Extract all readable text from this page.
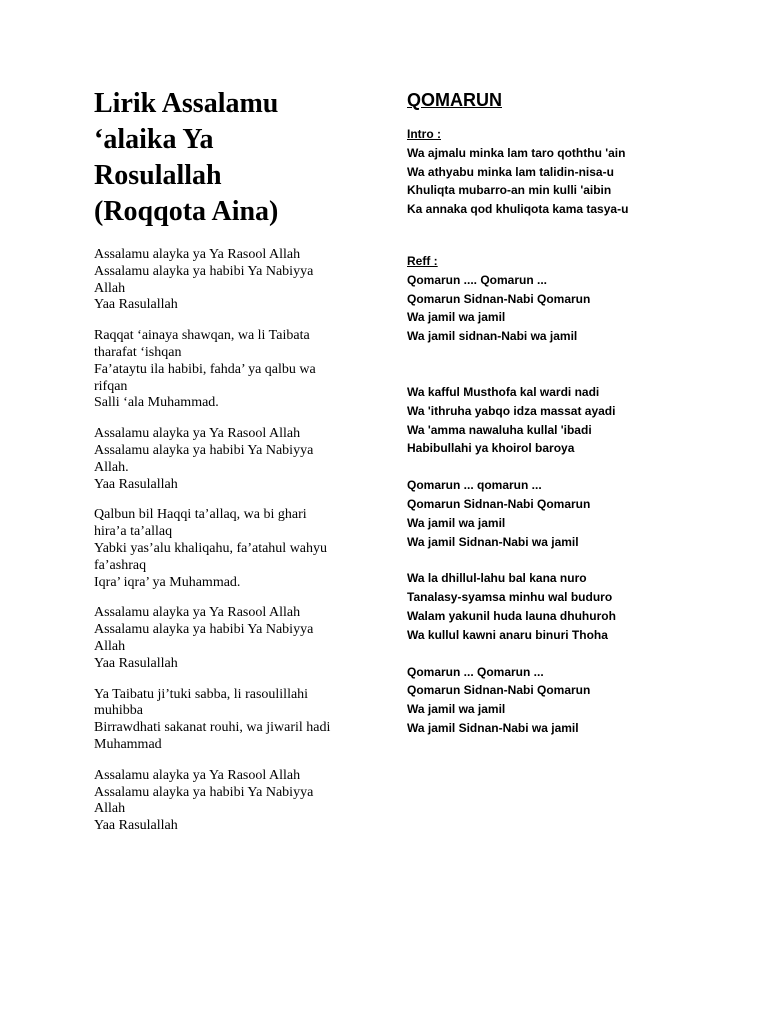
Lirik Assalamu
‘alaika Ya
Rosulallah
(Roqqota Aina)
Assalamu alayka ya Ya Rasool Allah
Assalamu alayka ya habibi Ya Nabiyya
Allah
Yaa Rasulallah
Raqqat ‘ainaya shawqan, wa li Taibata
tharafat ‘ishqan
Fa’ataytu ila habibi, fahda’ ya qalbu wa
rifqan
Salli ‘ala Muhammad.
Assalamu alayka ya Ya Rasool Allah
Assalamu alayka ya habibi Ya Nabiyya
Allah.
Yaa Rasulallah
Qalbun bil Haqqi ta’allaq, wa bi ghari
hira’a ta’allaq
Yabki yas’alu khaliqahu, fa’atahul wahyu
fa’ashraq
Iqra’ iqra’ ya Muhammad.
Assalamu alayka ya Ya Rasool Allah
Assalamu alayka ya habibi Ya Nabiyya
Allah
Yaa Rasulallah
Ya Taibatu ji’tuki sabba, li rasoulillahi
muhibba
Birrawdhati sakanat rouhi, wa jiwaril hadi
Muhammad
Assalamu alayka ya Ya Rasool Allah
Assalamu alayka ya habibi Ya Nabiyya
Allah
Yaa Rasulallah
QOMARUN
Intro :
Wa ajmalu minka lam taro qoththu 'ain
Wa athyabu minka lam talidin-nisa-u
Khuliqta mubarro-an min kulli 'aibin
Ka annaka qod khuliqota kama tasya-u
Reff :
Qomarun .... Qomarun ...
Qomarun Sidnan-Nabi Qomarun
Wa jamil wa jamil
Wa jamil sidnan-Nabi wa jamil
Wa kafful Musthofa kal wardi nadi
Wa 'ithruha yabqo idza massat ayadi
Wa 'amma nawaluha kullal 'ibadi
Habibullahi ya khoirol baroya
Qomarun ... qomarun ...
Qomarun Sidnan-Nabi Qomarun
Wa jamil wa jamil
Wa jamil Sidnan-Nabi wa jamil
Wa la dhillul-lahu bal kana nuro
Tanalasy-syamsa minhu wal buduro
Walam yakunil huda launa dhuhuroh
Wa kullul kawni anaru binuri Thoha
Qomarun ... Qomarun ...
Qomarun Sidnan-Nabi Qomarun
Wa jamil wa jamil
Wa jamil Sidnan-Nabi wa jamil
